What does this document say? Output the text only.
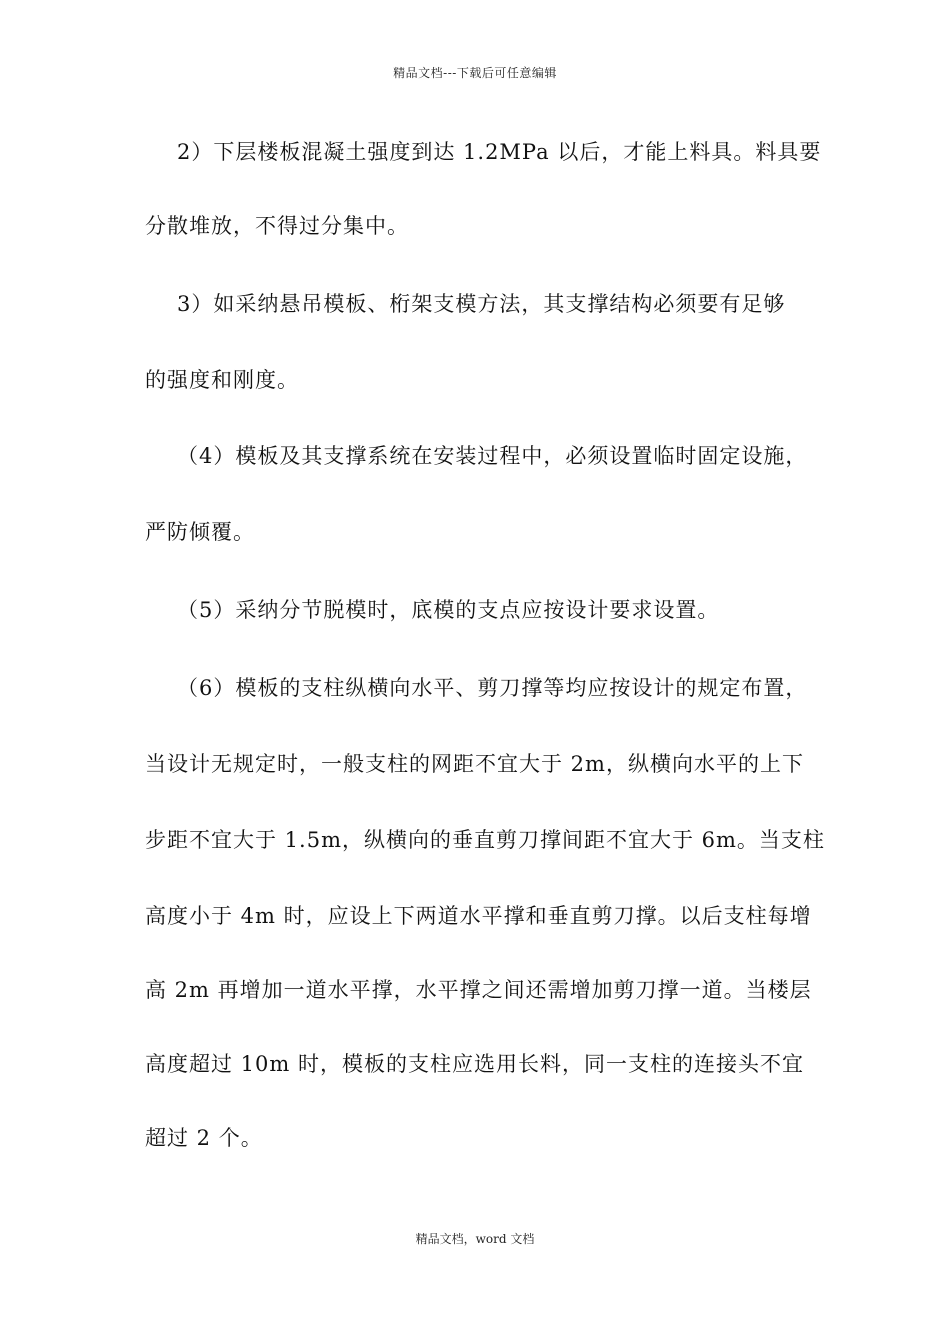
精品文档---下载后可任意编辑
2）下层楼板混凝土强度到达 1.2MPa 以后，才能上料具。料具要
分散堆放，不得过分集中。
3）如采纳悬吊模板、桁架支模方法，其支撑结构必须要有足够
的强度和刚度。
（4）模板及其支撑系统在安装过程中，必须设置临时固定设施，
严防倾覆。
（5）采纳分节脱模时，底模的支点应按设计要求设置。
（6）模板的支柱纵横向水平、剪刀撑等均应按设计的规定布置，
当设计无规定时，一般支柱的网距不宜大于 2m，纵横向水平的上下
步距不宜大于 1.5m，纵横向的垂直剪刀撑间距不宜大于 6m。当支柱
高度小于 4m 时，应设上下两道水平撑和垂直剪刀撑。以后支柱每增
高 2m 再增加一道水平撑，水平撑之间还需增加剪刀撑一道。当楼层
高度超过 10m 时，模板的支柱应选用长料，同一支柱的连接头不宜
超过 2 个。
精品文档，word 文档
